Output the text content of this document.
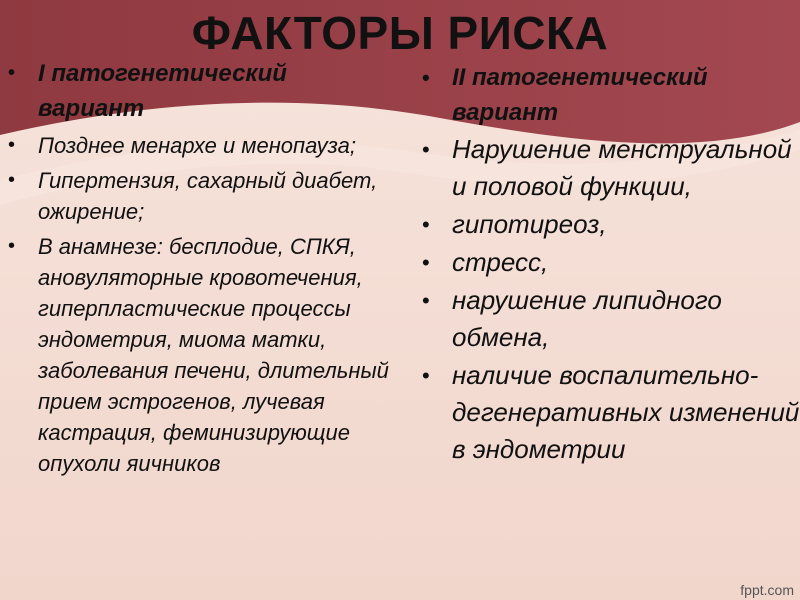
ФАКТОРЫ РИСКА
• I патогенетический вариант
• Позднее менархе и менопауза;
• Гипертензия, сахарный диабет, ожирение;
• В анамнезе: бесплодие, СПКЯ, ановуляторные кровотечения, гиперпластические процессы эндометрия, миома матки, заболевания печени, длительный прием эстрогенов, лучевая кастрация, феминизирующие опухоли яичников
• II патогенетический вариант
• Нарушение менструальной и половой функции,
• гипотиреоз,
• стресс,
• нарушение липидного обмена,
• наличие воспалительно-дегенеративных изменений в эндометрии
fppt.com
